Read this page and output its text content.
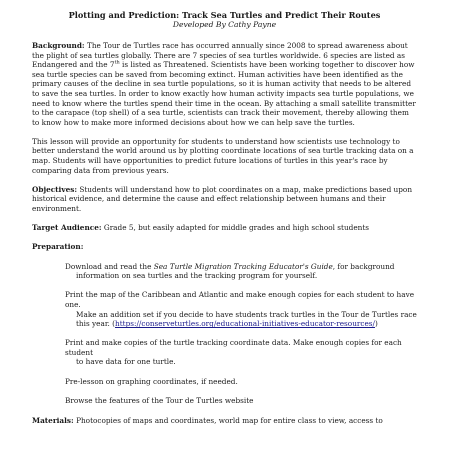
Plotting and Prediction: Track Sea Turtles and Predict Their Routes

Developed By Cathy Payne

Background: The Tour de Turtles race has occurred annually since 2008 to spread awareness about the plight of sea turtles globally. There are 7 species of sea turtles worldwide. 6 species are listed as Endangered and the 7th is listed as Threatened. Scientists have been working together to discover how sea turtle species can be saved from becoming extinct. Human activities have been identified as the primary causes of the decline in sea turtle populations, so it is human activity that needs to be altered to save the sea turtles. In order to know exactly how human activity impacts sea turtle populations, we need to know where the turtles spend their time in the ocean. By attaching a small satellite transmitter to the carapace (top shell) of a sea turtle, scientists can track their movement, thereby allowing them to know how to make more informed decisions about how we can help save the turtles.

This lesson will provide an opportunity for students to understand how scientists use technology to better understand the world around us by plotting coordinate locations of sea turtle tracking data on a map. Students will have opportunities to predict future locations of turtles in this year's race by comparing data from previous years.

Objectives: Students will understand how to plot coordinates on a map, make predictions based upon historical evidence, and determine the cause and effect relationship between humans and their environment.

Target Audience: Grade 5, but easily adapted for middle grades and high school students

Preparation:

Download and read the Sea Turtle Migration Tracking Educator's Guide, for background
information on sea turtles and the tracking program for yourself.
Print the map of the Caribbean and Atlantic and make enough copies for each student to have one.
Make an addition set if you decide to have students track turtles in the Tour de Turtles race this year. (https://conserveturtles.org/educational-initiatives-educator-resources/)
Print and make copies of the turtle tracking coordinate data. Make enough copies for each student
to have data for one turtle.

Pre-lesson on graphing coordinates, if needed.

Browse the features of the Tour de Turtles website

Materials: Photocopies of maps and coordinates, world map for entire class to view, access to
